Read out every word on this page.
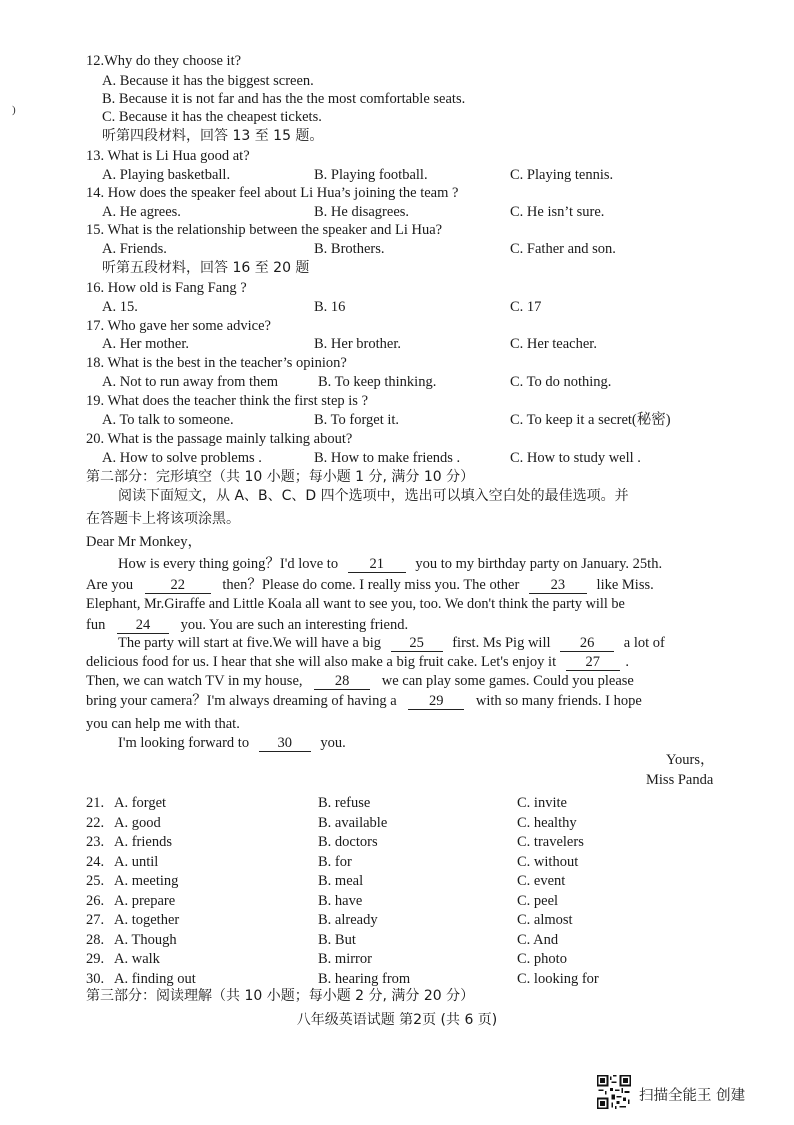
)
12.Why do they choose it?
A. Because it has the biggest screen.
B. Because it is not far and has the the most comfortable seats.
C. Because it has the cheapest tickets.
听第四段材料，回答 13 至 15 题。
13. What is Li Hua good at?
A. Playing basketball.	B. Playing football.	C. Playing tennis.
14. How does the speaker feel about Li Hua’s joining the team ?
A. He agrees.	B. He disagrees.	C. He isn’t sure.
15. What is the relationship between the speaker and Li Hua?
A. Friends.	B. Brothers.	C. Father and son.
听第五段材料，回答 16 至 20 题
16. How old is Fang Fang ?
A. 15.	B. 16	C. 17
17. Who gave her some advice?
A. Her mother.	B. Her brother.	C. Her teacher.
18. What is the best in the teacher’s opinion?
A. Not to run away from them	B. To keep thinking.	C. To do nothing.
19. What does the teacher think the first step is ?
A. To talk to someone.	B. To forget it.	C. To keep it a secret(秘密)
20. What is the passage mainly talking about?
A. How to solve problems .	B. How to make friends .	C. How to study well .
第二部分：完形填空（共 10 小题；每小题 1 分, 满分 10 分）
阅读下面短文，从 A、B、C、D 四个选项中，选出可以填入空白处的最佳选项。并
在答题卡上将该项涂黑。
Dear Mr Monkey，
How is every thing going？I'd love to 21 you to my birthday party on January. 25th.
Are you	22	then？Please do come. I really miss you. The other 23 like Miss.
Elephant, Mr.Giraffe and Little Koala all want to see you, too. We don't think the party will be
fun 24 you. You are such an interesting friend.
The party will start at five.We will have a big 25 first. Ms Pig will 26 a lot of
delicious food for us. I hear that she will also make a big fruit cake. Let's enjoy it 27 .
Then, we can watch TV in my house, 28 we can play some games. Could you please
bring your camera？I'm always dreaming of having a 29 with so many friends. I hope
you can help me with that.
I'm looking forward to 30 you.
Yours，
Miss Panda
21. A. forget	B. refuse	C. invite
22. A. good	B. available	C. healthy
23. A. friends	B. doctors	C. travelers
24. A. until	B. for	C. without
25. A. meeting	B. meal	C. event
26. A. prepare	B. have	C. peel
27. A. together	B. already	C. almost
28. A. Though	B. But	C. And
29. A. walk	B. mirror	C. photo
30. A. finding out	B. hearing from	C. looking for
第三部分：阅读理解（共 10 小题；每小题 2 分, 满分 20 分）
八年级英语试题 第2页 (共 6 页)
扫描全能王 创建
